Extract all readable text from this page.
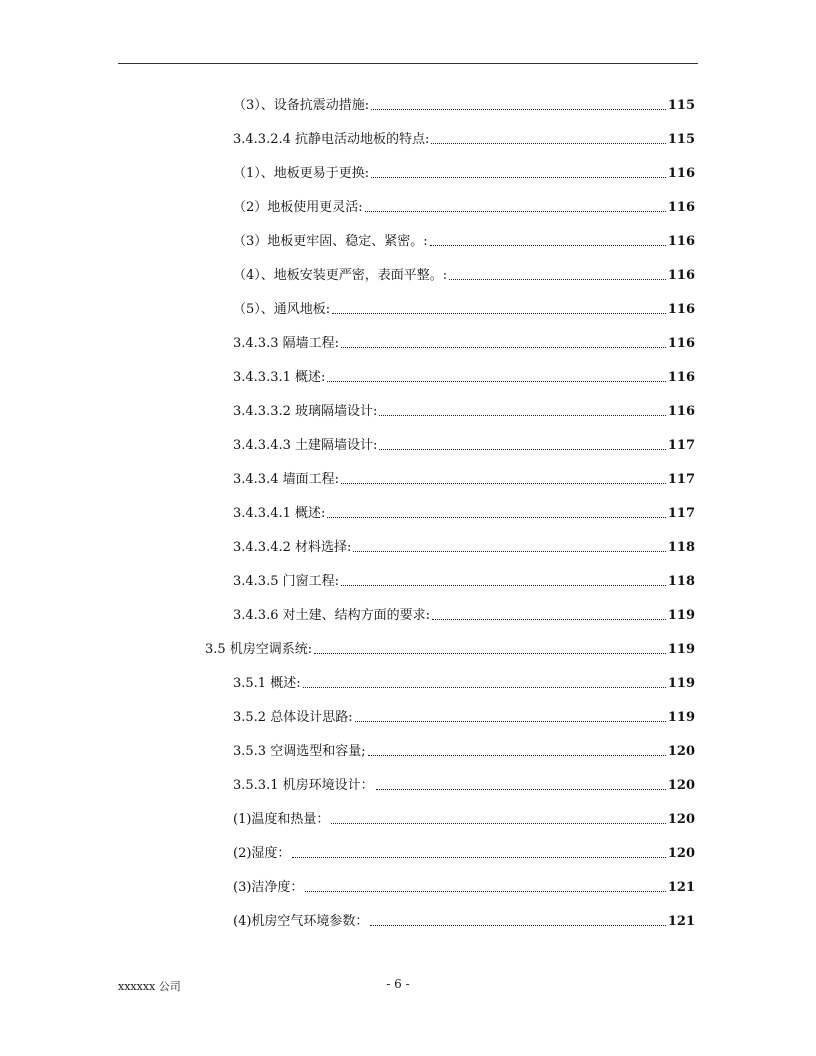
（3）、设备抗震动措施:	115
3.4.3.2.4 抗静电活动地板的特点:	115
（1）、地板更易于更换:	116
（2）地板使用更灵活:	116
（3）地板更牢固、稳定、紧密。:	116
（4）、地板安装更严密，表面平整。:	116
（5）、通风地板:	116
3.4.3.3 隔墙工程:	116
3.4.3.3.1 概述:	116
3.4.3.3.2 玻璃隔墙设计:	116
3.4.3.4.3 土建隔墙设计:	117
3.4.3.4 墙面工程:	117
3.4.3.4.1 概述:	117
3.4.3.4.2 材料选择:	118
3.4.3.5 门窗工程:	118
3.4.3.6 对土建、结构方面的要求:	119
3.5 机房空调系统:	119
3.5.1 概述:	119
3.5.2 总体设计思路:	119
3.5.3 空调选型和容量;	120
3.5.3.1 机房环境设计：	120
(1)温度和热量：	120
(2)湿度：	120
(3)洁净度：	121
(4)机房空气环境参数：	121
xxxxxx 公司	- 6 -
